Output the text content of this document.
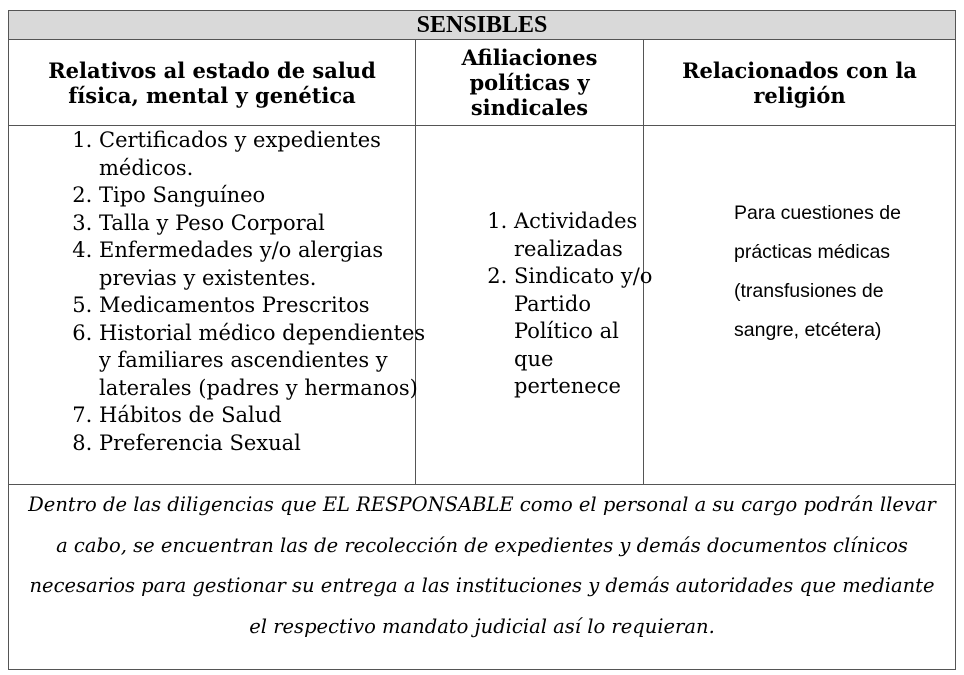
SENSIBLES
Relativos al estado de salud física, mental y genética
Afiliaciones políticas y sindicales
Relacionados con la religión
1. Certificados y expedientes médicos.
2. Tipo Sanguíneo
3. Talla y Peso Corporal
4. Enfermedades y/o alergias previas y existentes.
5. Medicamentos Prescritos
6. Historial médico dependientes y familiares ascendientes y laterales (padres y hermanos)
7. Hábitos de Salud
8. Preferencia Sexual
1. Actividades realizadas
2. Sindicato y/o Partido Político al que pertenece
Para cuestiones de prácticas médicas (transfusiones de sangre, etcétera)
Dentro de las diligencias que EL RESPONSABLE como el personal a su cargo podrán llevar a cabo, se encuentran las de recolección de expedientes y demás documentos clínicos necesarios para gestionar su entrega a las instituciones y demás autoridades que mediante el respectivo mandato judicial así lo requieran.
